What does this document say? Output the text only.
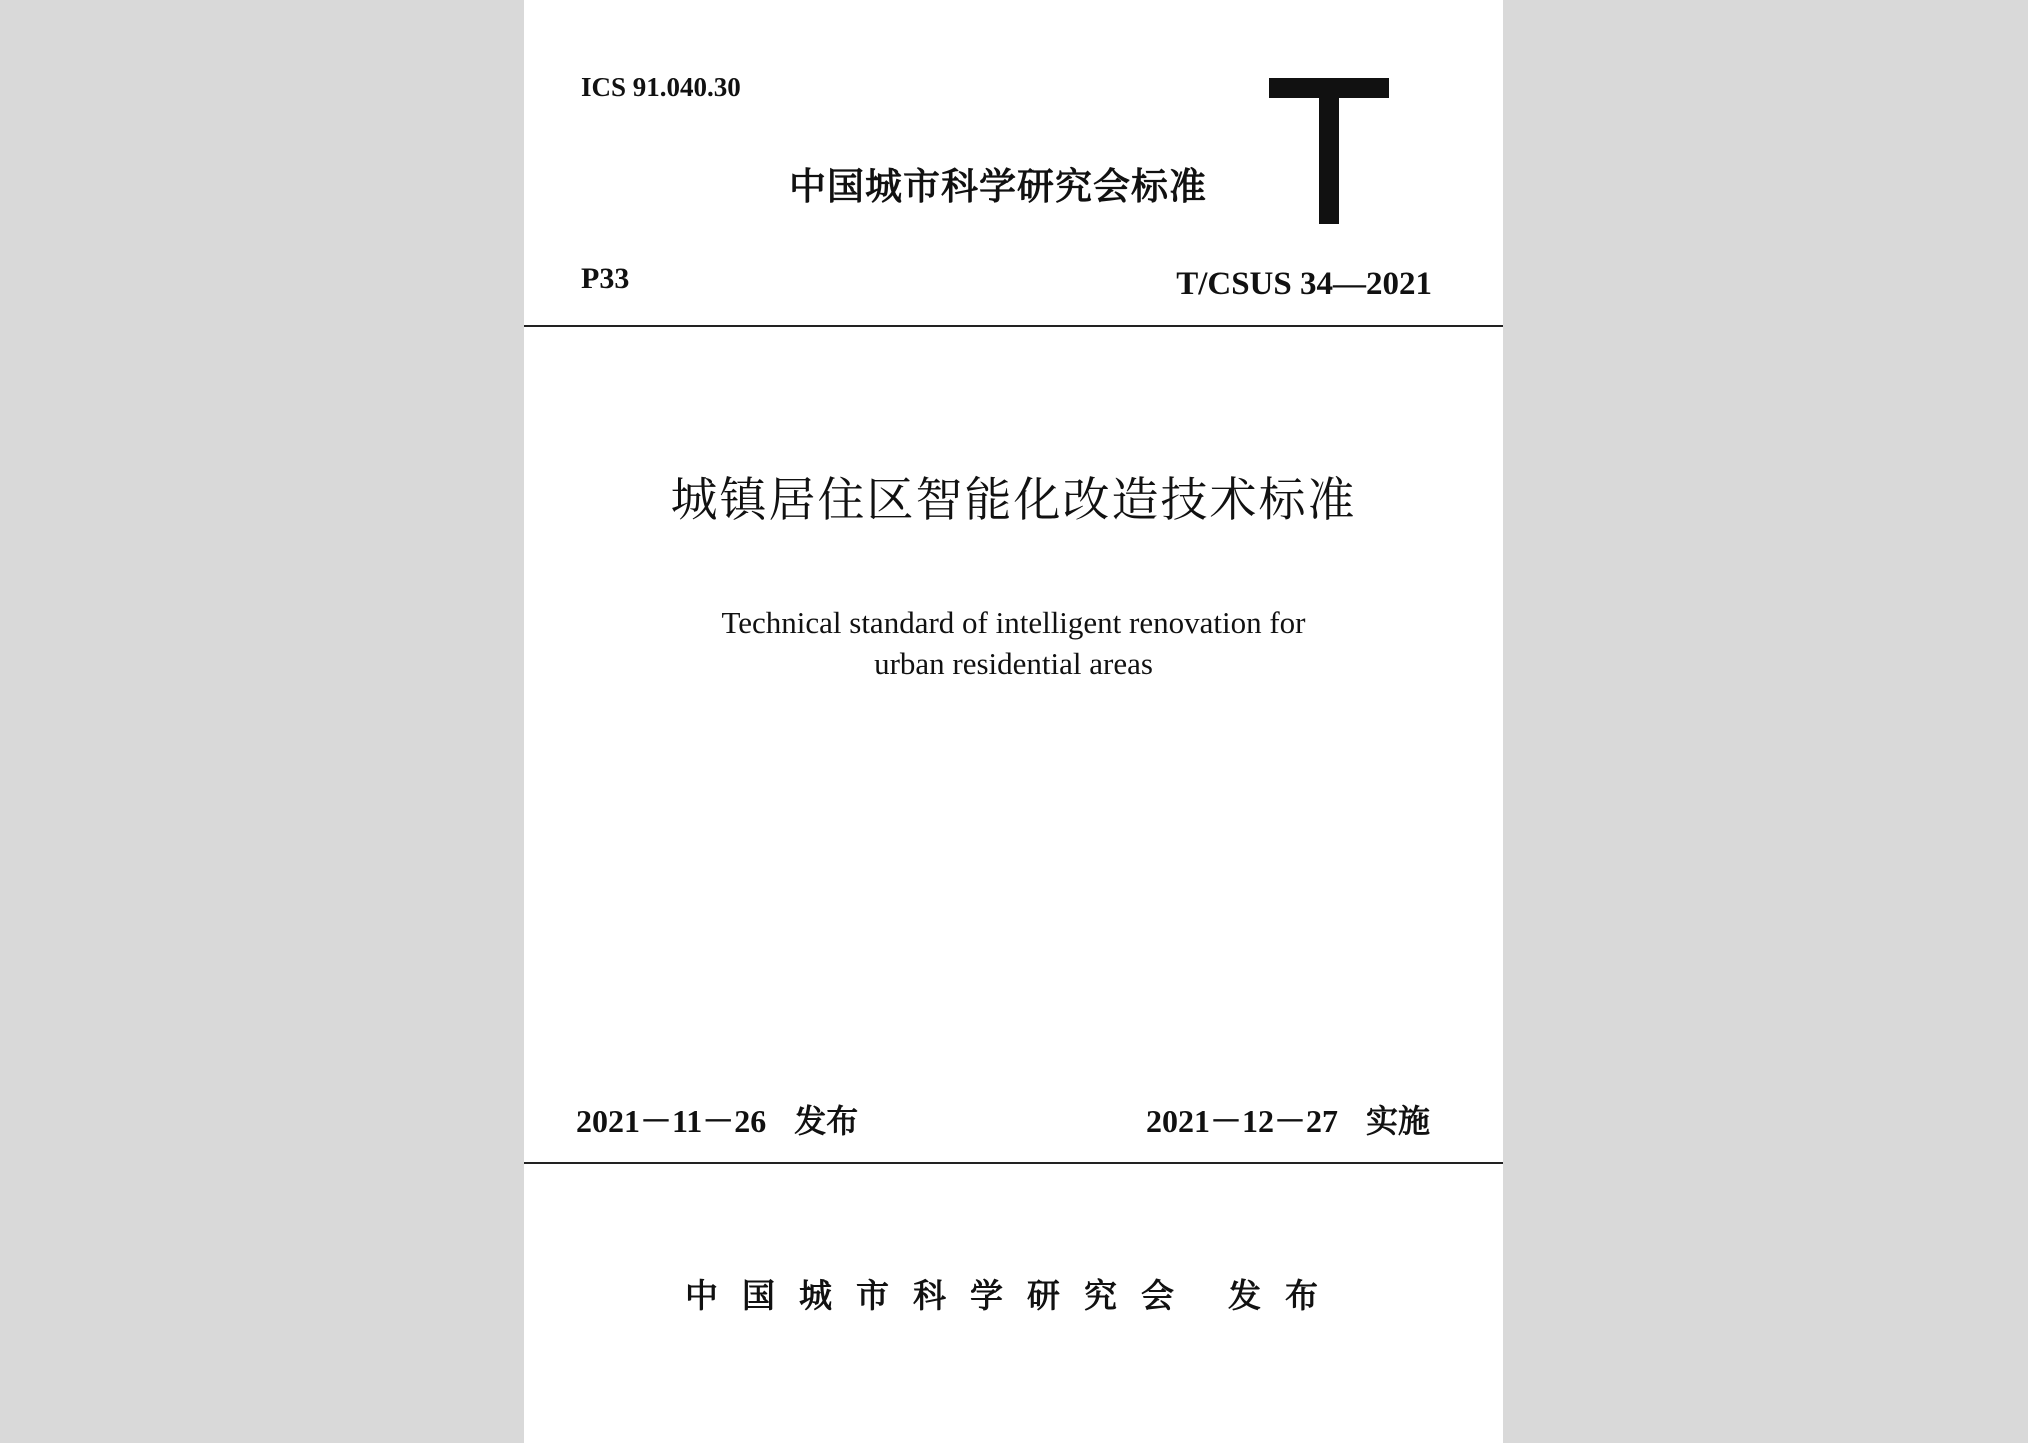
ICS 91.040.30

中国城市科学研究会标准

P33	T/CSUS 34—2021

城镇居住区智能化改造技术标准

Technical standard of intelligent renovation for
urban residential areas

2021－11－26 发布	2021－12－27 实施

中国城市科学研究会 发布
